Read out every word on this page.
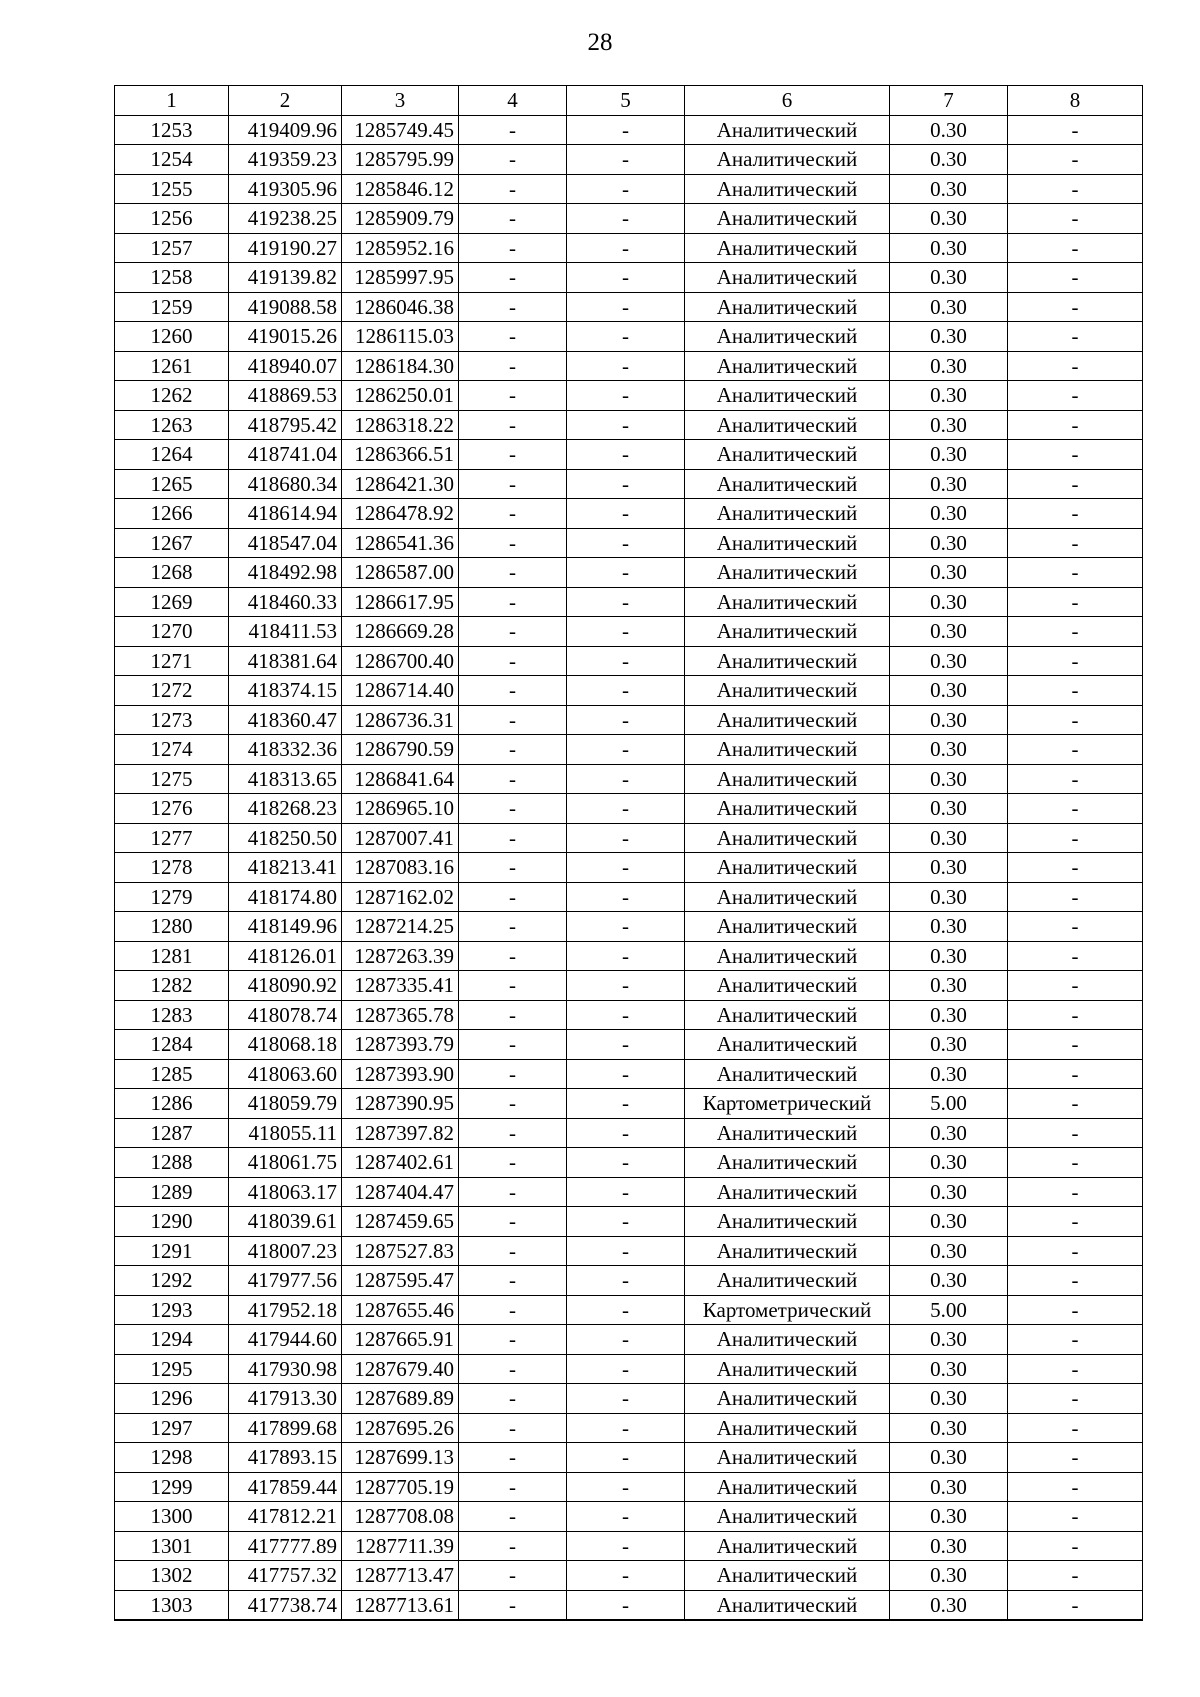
28
1	2	3	4	5	6	7	8
1253	419409.96	1285749.45	-	-	Аналитический	0.30	-
1254	419359.23	1285795.99	-	-	Аналитический	0.30	-
1255	419305.96	1285846.12	-	-	Аналитический	0.30	-
1256	419238.25	1285909.79	-	-	Аналитический	0.30	-
1257	419190.27	1285952.16	-	-	Аналитический	0.30	-
1258	419139.82	1285997.95	-	-	Аналитический	0.30	-
1259	419088.58	1286046.38	-	-	Аналитический	0.30	-
1260	419015.26	1286115.03	-	-	Аналитический	0.30	-
1261	418940.07	1286184.30	-	-	Аналитический	0.30	-
1262	418869.53	1286250.01	-	-	Аналитический	0.30	-
1263	418795.42	1286318.22	-	-	Аналитический	0.30	-
1264	418741.04	1286366.51	-	-	Аналитический	0.30	-
1265	418680.34	1286421.30	-	-	Аналитический	0.30	-
1266	418614.94	1286478.92	-	-	Аналитический	0.30	-
1267	418547.04	1286541.36	-	-	Аналитический	0.30	-
1268	418492.98	1286587.00	-	-	Аналитический	0.30	-
1269	418460.33	1286617.95	-	-	Аналитический	0.30	-
1270	418411.53	1286669.28	-	-	Аналитический	0.30	-
1271	418381.64	1286700.40	-	-	Аналитический	0.30	-
1272	418374.15	1286714.40	-	-	Аналитический	0.30	-
1273	418360.47	1286736.31	-	-	Аналитический	0.30	-
1274	418332.36	1286790.59	-	-	Аналитический	0.30	-
1275	418313.65	1286841.64	-	-	Аналитический	0.30	-
1276	418268.23	1286965.10	-	-	Аналитический	0.30	-
1277	418250.50	1287007.41	-	-	Аналитический	0.30	-
1278	418213.41	1287083.16	-	-	Аналитический	0.30	-
1279	418174.80	1287162.02	-	-	Аналитический	0.30	-
1280	418149.96	1287214.25	-	-	Аналитический	0.30	-
1281	418126.01	1287263.39	-	-	Аналитический	0.30	-
1282	418090.92	1287335.41	-	-	Аналитический	0.30	-
1283	418078.74	1287365.78	-	-	Аналитический	0.30	-
1284	418068.18	1287393.79	-	-	Аналитический	0.30	-
1285	418063.60	1287393.90	-	-	Аналитический	0.30	-
1286	418059.79	1287390.95	-	-	Картометрический	5.00	-
1287	418055.11	1287397.82	-	-	Аналитический	0.30	-
1288	418061.75	1287402.61	-	-	Аналитический	0.30	-
1289	418063.17	1287404.47	-	-	Аналитический	0.30	-
1290	418039.61	1287459.65	-	-	Аналитический	0.30	-
1291	418007.23	1287527.83	-	-	Аналитический	0.30	-
1292	417977.56	1287595.47	-	-	Аналитический	0.30	-
1293	417952.18	1287655.46	-	-	Картометрический	5.00	-
1294	417944.60	1287665.91	-	-	Аналитический	0.30	-
1295	417930.98	1287679.40	-	-	Аналитический	0.30	-
1296	417913.30	1287689.89	-	-	Аналитический	0.30	-
1297	417899.68	1287695.26	-	-	Аналитический	0.30	-
1298	417893.15	1287699.13	-	-	Аналитический	0.30	-
1299	417859.44	1287705.19	-	-	Аналитический	0.30	-
1300	417812.21	1287708.08	-	-	Аналитический	0.30	-
1301	417777.89	1287711.39	-	-	Аналитический	0.30	-
1302	417757.32	1287713.47	-	-	Аналитический	0.30	-
1303	417738.74	1287713.61	-	-	Аналитический	0.30	-
